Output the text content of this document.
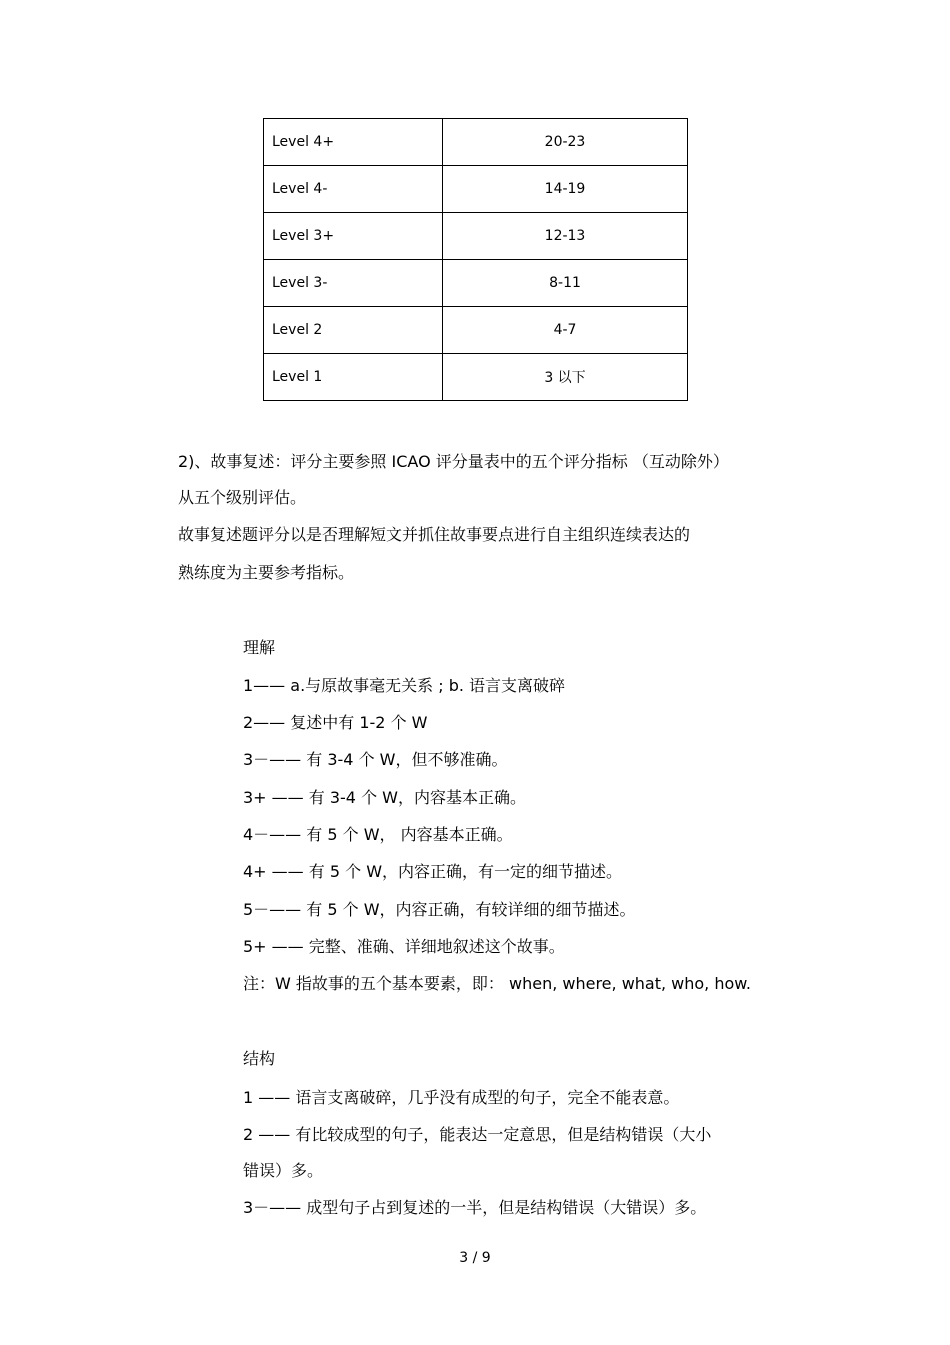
Level 4+	20-23
Level 4-	14-19
Level 3+	12-13
Level 3-	8-11
Level 2	4-7
Level 1	3 以下
2)、故事复述：评分主要参照 ICAO 评分量表中的五个评分指标 （互动除外）
从五个级别评估。
故事复述题评分以是否理解短文并抓住故事要点进行自主组织连续表达的
熟练度为主要参考指标。
理解
1—— a.与原故事毫无关系 ; b. 语言支离破碎
2—— 复述中有 1-2 个 W
3－—— 有 3-4 个 W，但不够准确。
3+ —— 有 3-4 个 W，内容基本正确。
4－—— 有 5 个 W， 内容基本正确。
4+ —— 有 5 个 W，内容正确，有一定的细节描述。
5－—— 有 5 个 W，内容正确，有较详细的细节描述。
5+ —— 完整、准确、详细地叙述这个故事。
注：W 指故事的五个基本要素，即： when, where, what, who, how.
结构
1 —— 语言支离破碎，几乎没有成型的句子，完全不能表意。
2 —— 有比较成型的句子，能表达一定意思，但是结构错误（大小
错误）多。
3－—— 成型句子占到复述的一半，但是结构错误（大错误）多。
3 / 9
